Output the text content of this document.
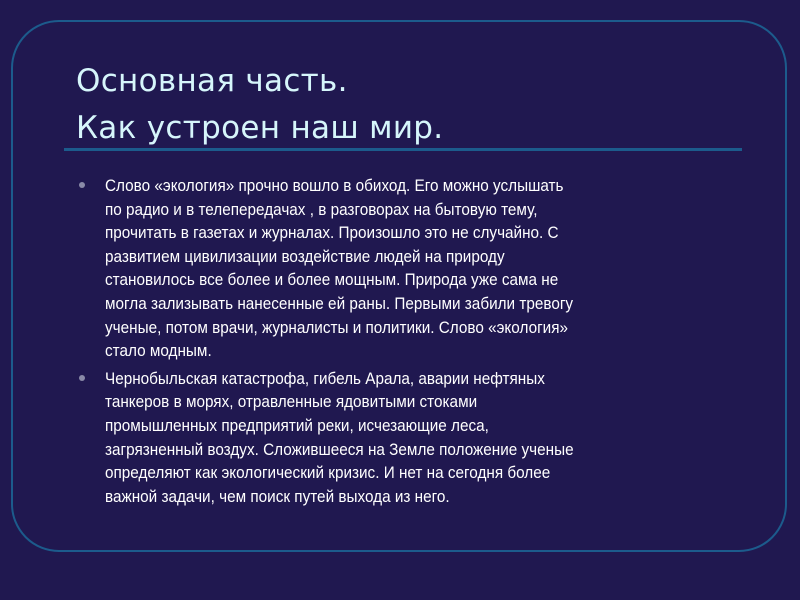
Основная часть.
Как устроен наш мир.
Слово «экология» прочно вошло в обиход. Его можно услышать
по радио и в телепередачах , в разговорах на бытовую тему,
прочитать в газетах и журналах. Произошло это не случайно. С
развитием цивилизации воздействие людей на природу
становилось все более и более мощным. Природа уже сама не
могла зализывать нанесенные ей раны. Первыми забили тревогу
ученые, потом врачи, журналисты и политики. Слово «экология»
стало модным.
Чернобыльская катастрофа, гибель Арала, аварии нефтяных
танкеров в морях, отравленные ядовитыми стоками
промышленных предприятий реки, исчезающие леса,
загрязненный воздух. Сложившееся на Земле положение ученые
определяют как экологический кризис. И нет на сегодня более
важной задачи, чем поиск путей выхода из него.
